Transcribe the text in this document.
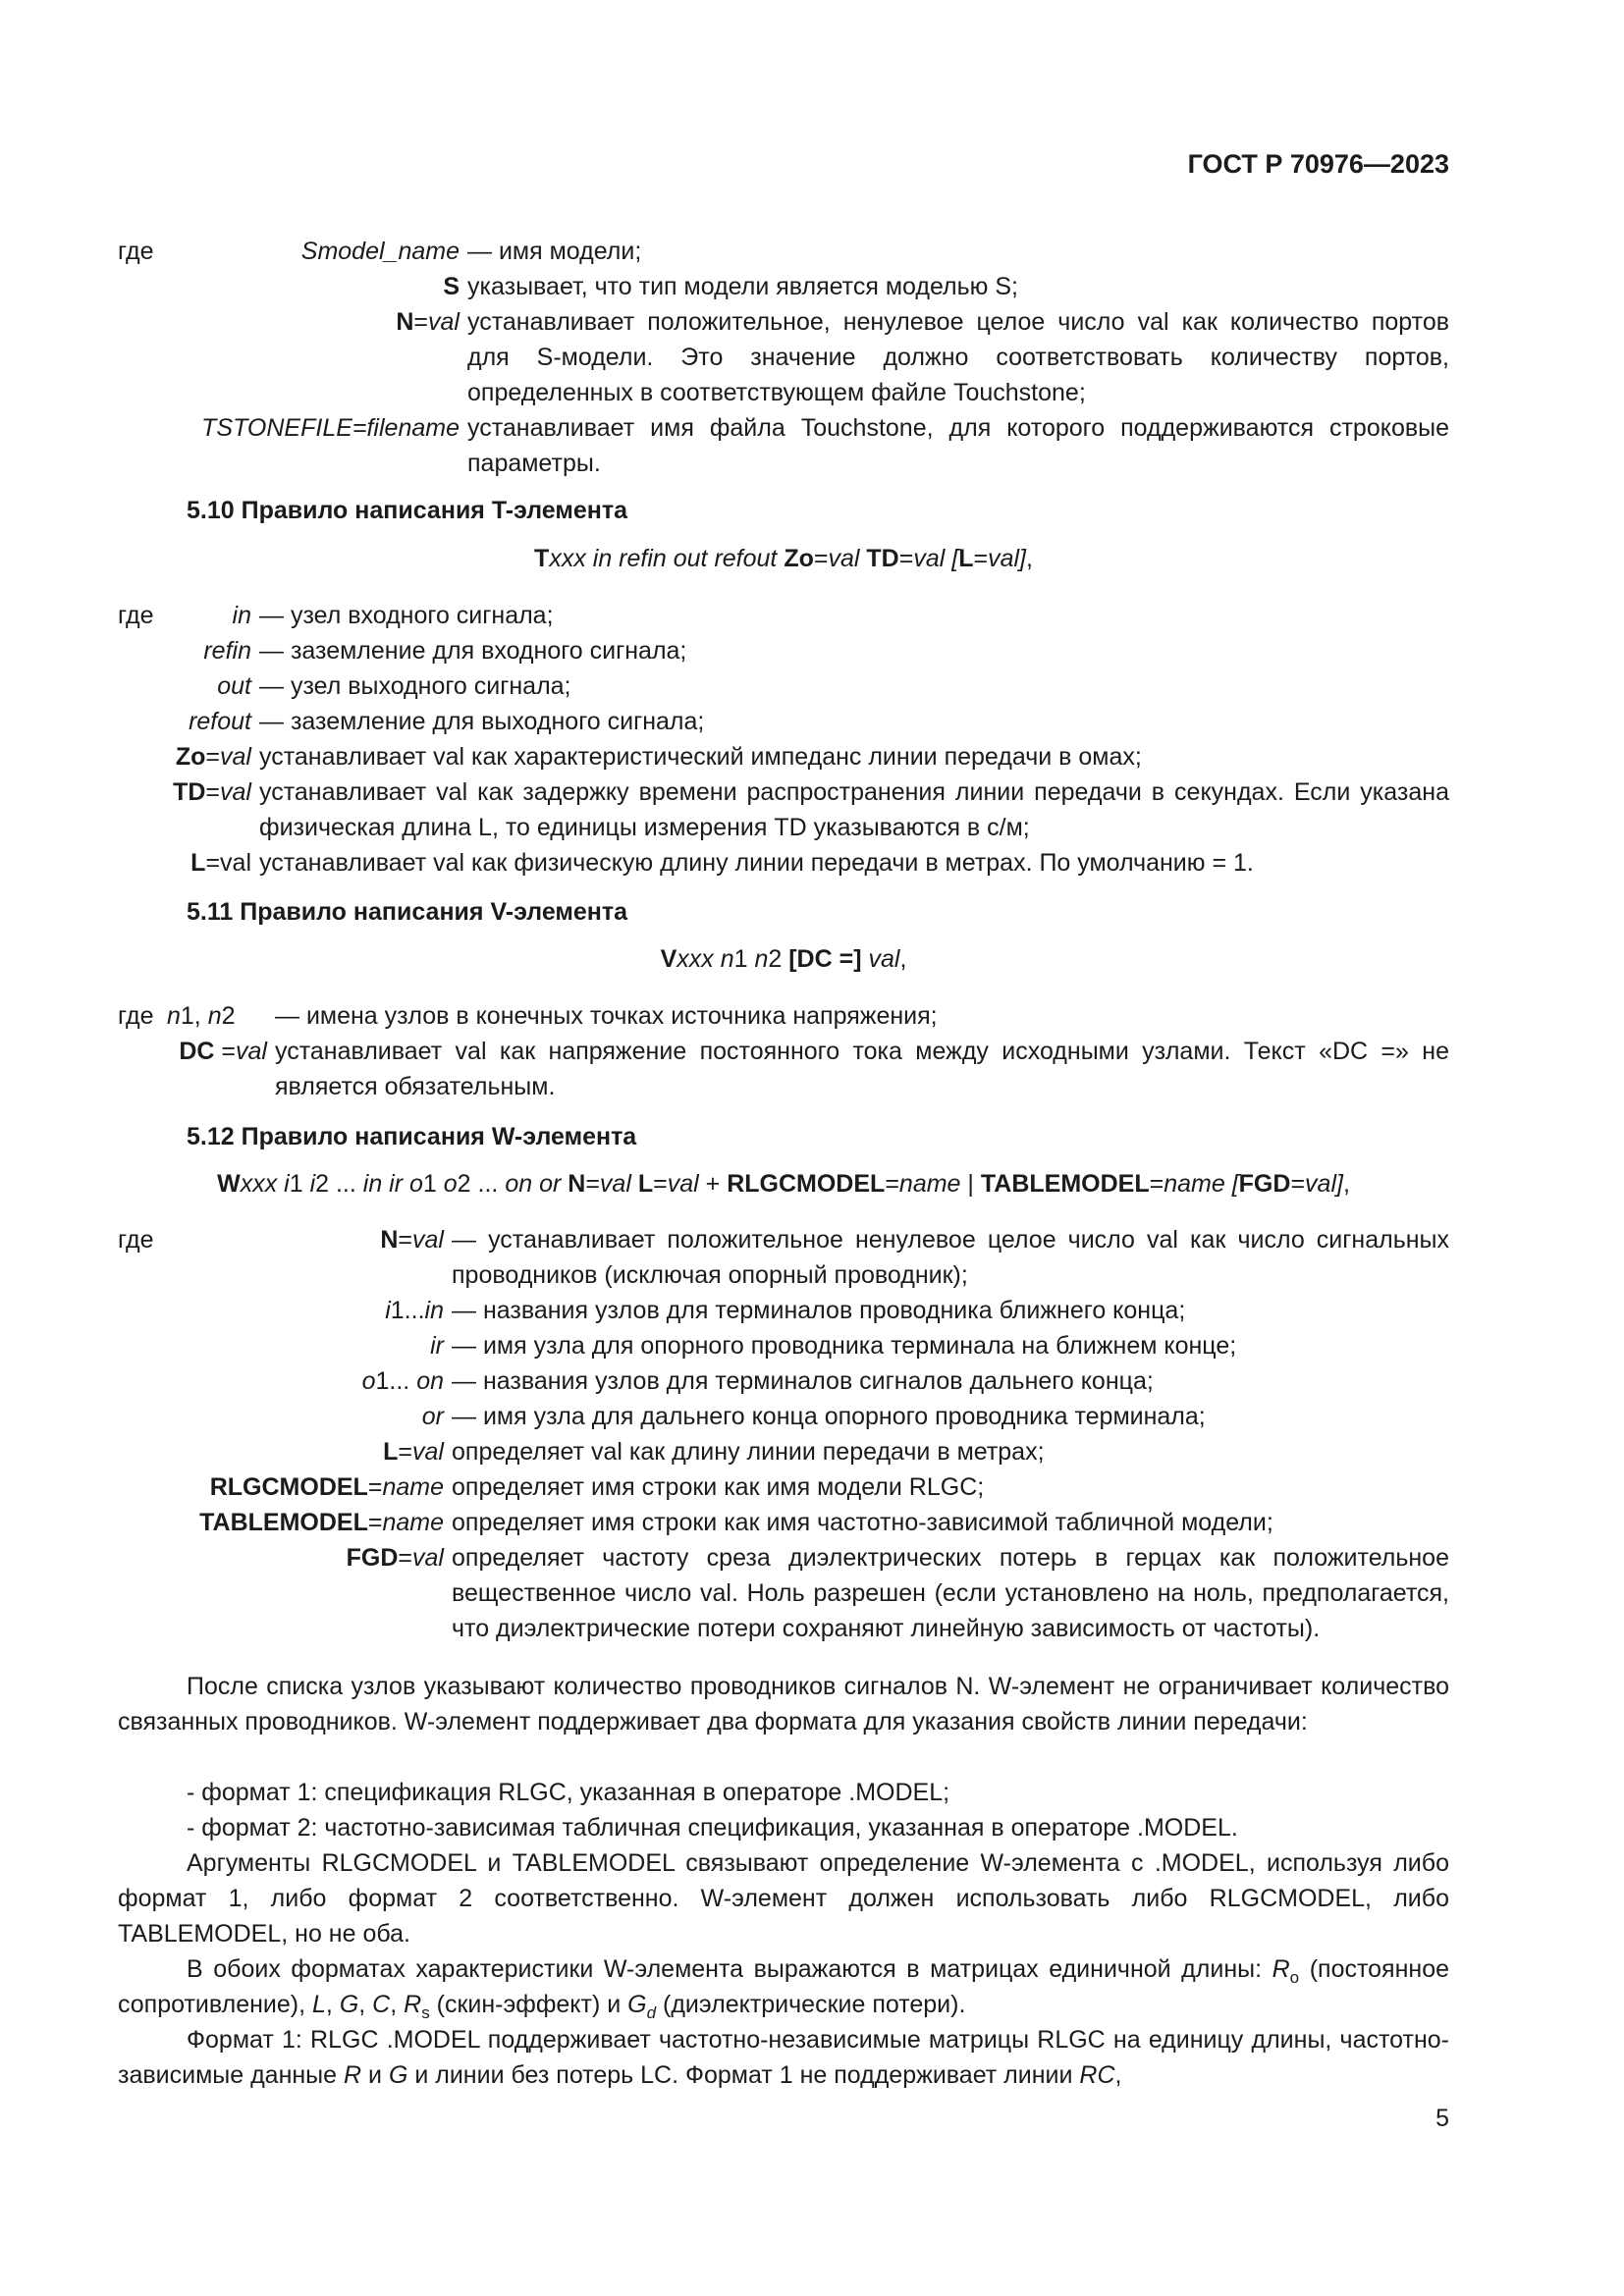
ГОСТ Р 70976—2023
где	Smodel_name — имя модели;
S указывает, что тип модели является моделью S;
N=val устанавливает положительное, ненулевое целое число val как количество портов для S-модели. Это значение должно соответствовать количеству портов, определенных в соответствующем файле Touchstone;
TSTONEFILE=filename устанавливает имя файла Touchstone, для которого поддерживаются строковые параметры.
5.10 Правило написания T-элемента
Txxx in refin out refout Zo=val TD=val [L=val],
где	in — узел входного сигнала;
refin — заземление для входного сигнала;
out — узел выходного сигнала;
refout — заземление для выходного сигнала;
Zo=val устанавливает val как характеристический импеданс линии передачи в омах;
TD=val устанавливает val как задержку времени распространения линии передачи в секундах. Если указана физическая длина L, то единицы измерения TD указываются в с/м;
L=val устанавливает val как физическую длину линии передачи в метрах. По умолчанию = 1.
5.11 Правило написания V-элемента
Vxxx n1 n2 [DC =] val,
где n1, n2	— имена узлов в конечных точках источника напряжения;
DC =val устанавливает val как напряжение постоянного тока между исходными узлами. Текст «DC =» не является обязательным.
5.12 Правило написания W-элемента
Wxxx i1 i2 ... in ir o1 o2 ... on or N=val L=val + RLGCMODEL=name | TABLEMODEL=name [FGD=val],
где	N=val — устанавливает положительное ненулевое целое число val как число сигнальных проводников (исключая опорный проводник);
i1...in — названия узлов для терминалов проводника ближнего конца;
ir — имя узла для опорного проводника терминала на ближнем конце;
o1... on — названия узлов для терминалов сигналов дальнего конца;
or — имя узла для дальнего конца опорного проводника терминала;
L=val определяет val как длину линии передачи в метрах;
RLGCMODEL=name определяет имя строки как имя модели RLGC;
TABLEMODEL=name определяет имя строки как имя частотно-зависимой табличной модели;
FGD=val определяет частоту среза диэлектрических потерь в герцах как положительное вещественное число val. Ноль разрешен (если установлено на ноль, предполагается, что диэлектрические потери сохраняют линейную зависимость от частоты).
После списка узлов указывают количество проводников сигналов N. W-элемент не ограничивает количество связанных проводников. W-элемент поддерживает два формата для указания свойств линии передачи:
- формат 1: спецификация RLGC, указанная в операторе .MODEL;
- формат 2: частотно-зависимая табличная спецификация, указанная в операторе .MODEL.
Аргументы RLGCMODEL и TABLEMODEL связывают определение W-элемента с .MODEL, используя либо формат 1, либо формат 2 соответственно. W-элемент должен использовать либо RLGCMODEL, либо TABLEMODEL, но не оба.
В обоих форматах характеристики W-элемента выражаются в матрицах единичной длины: $R_o$ (постоянное сопротивление), L, G, C, $R_s$ (скин-эффект) и $G_d$ (диэлектрические потери).
Формат 1: RLGC .MODEL поддерживает частотно-независимые матрицы RLGC на единицу длины, частотно-зависимые данные R и G и линии без потерь LC. Формат 1 не поддерживает линии RC,
5
